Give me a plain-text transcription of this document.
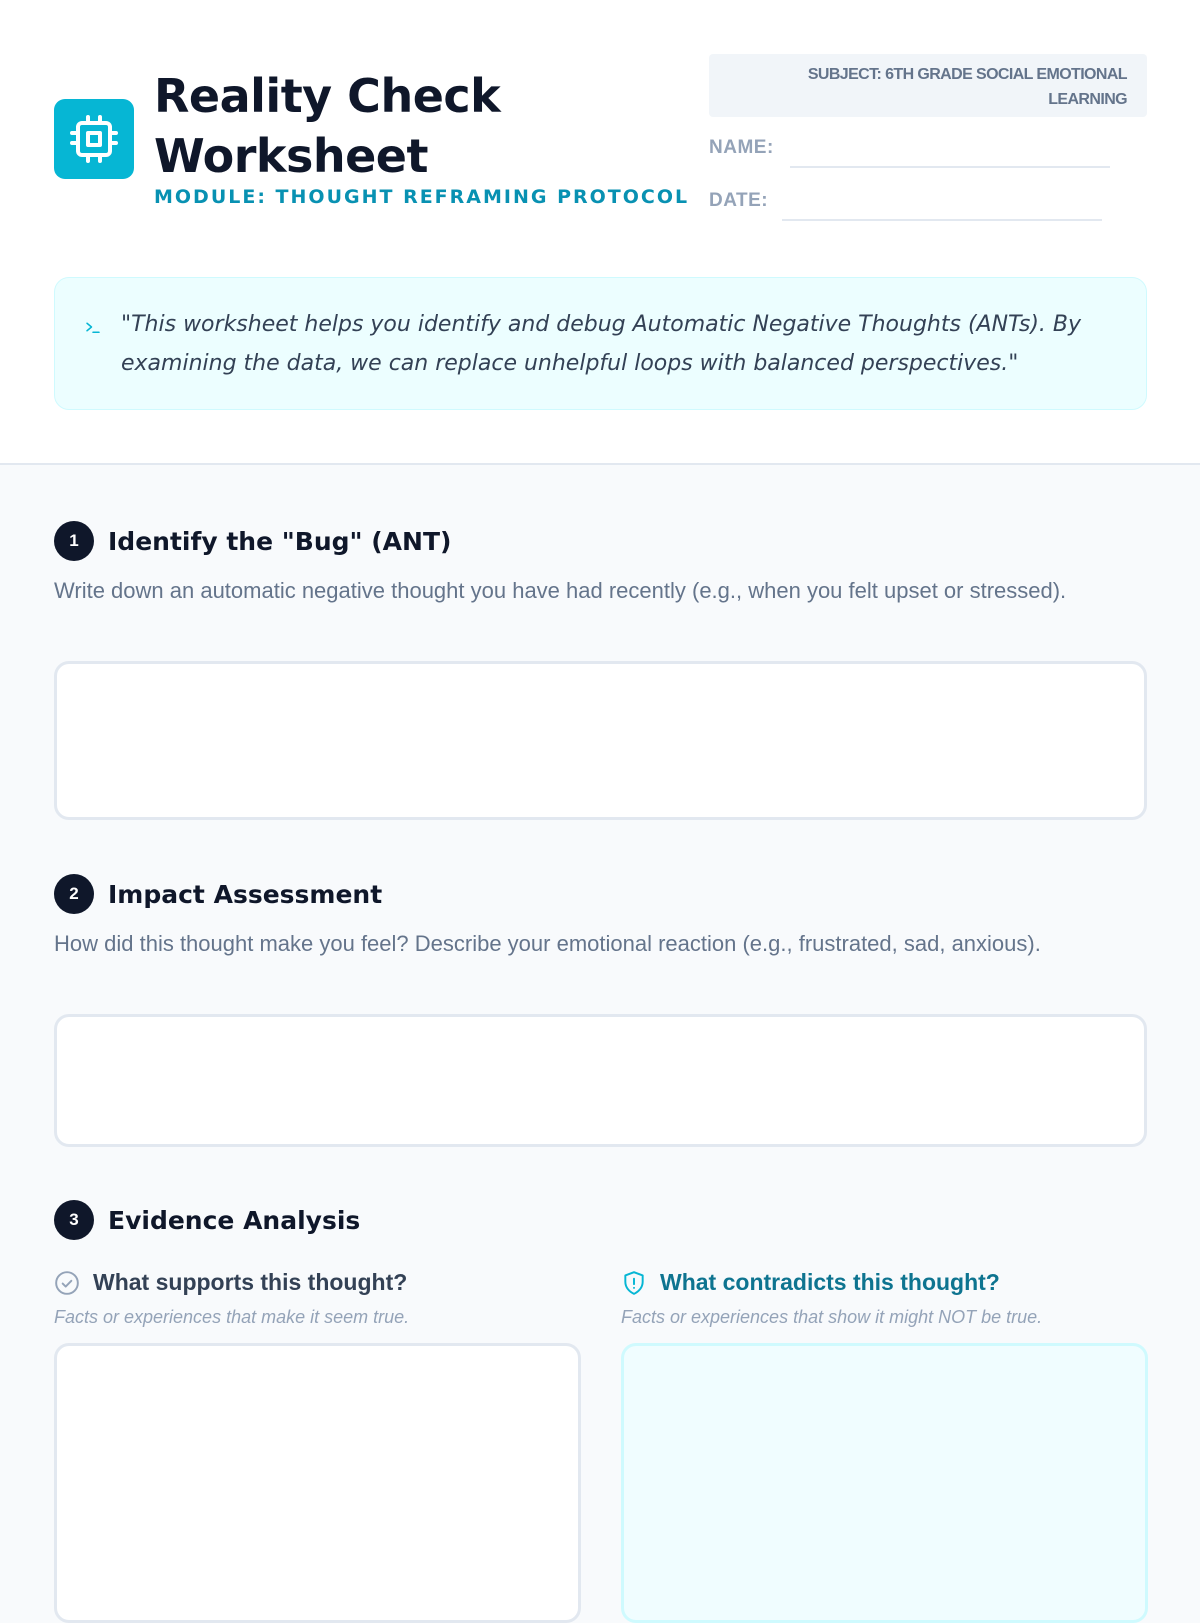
Reality Check Worksheet
MODULE: THOUGHT REFRAMING PROTOCOL
SUBJECT: 6TH GRADE SOCIAL EMOTIONAL LEARNING
NAME:
DATE:
"This worksheet helps you identify and debug Automatic Negative Thoughts (ANTs). By examining the data, we can replace unhelpful loops with balanced perspectives."
1	Identify the "Bug" (ANT)
Write down an automatic negative thought you have had recently (e.g., when you felt upset or stressed).
2	Impact Assessment
How did this thought make you feel? Describe your emotional reaction (e.g., frustrated, sad, anxious).
3	Evidence Analysis
What supports this thought?
Facts or experiences that make it seem true.
What contradicts this thought?
Facts or experiences that show it might NOT be true.
